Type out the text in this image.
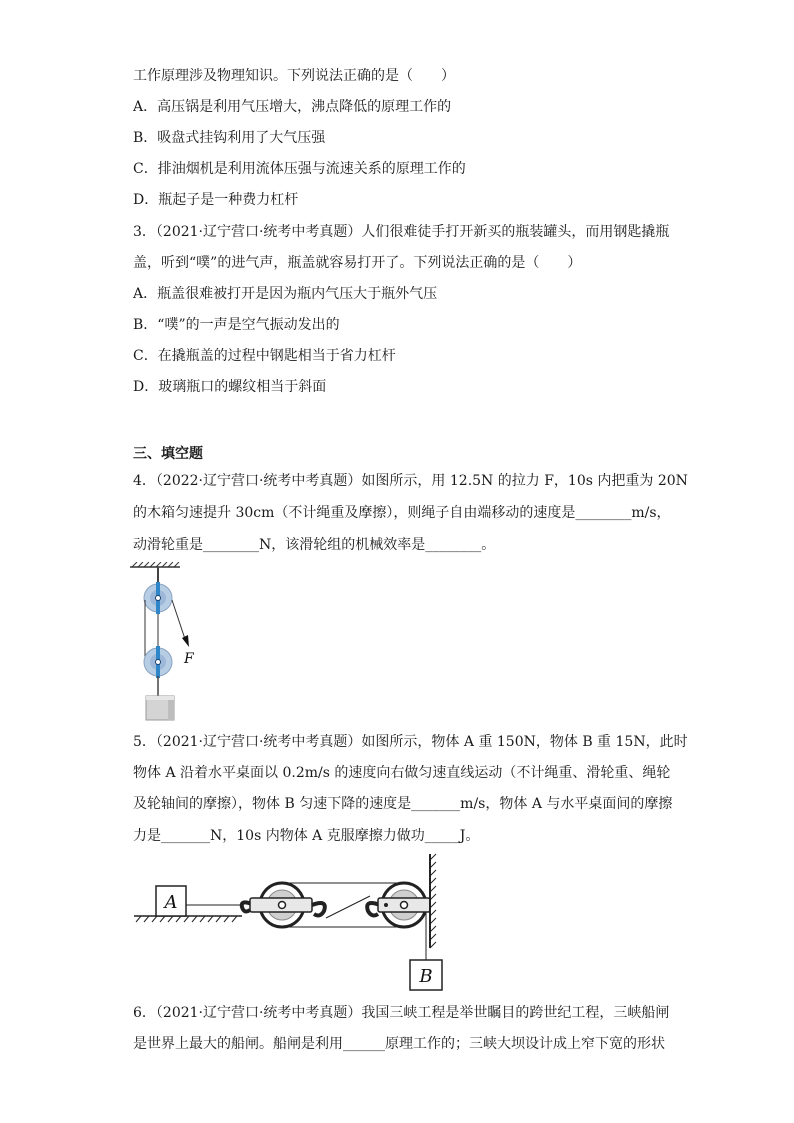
工作原理涉及物理知识。下列说法正确的是（　　）
A．高压锅是利用气压增大，沸点降低的原理工作的
B．吸盘式挂钩利用了大气压强
C．排油烟机是利用流体压强与流速关系的原理工作的
D．瓶起子是一种费力杠杆
3．（2021·辽宁营口·统考中考真题）人们很难徒手打开新买的瓶装罐头，而用钢匙撬瓶
盖，听到“噗”的进气声，瓶盖就容易打开了。下列说法正确的是（　　）
A．瓶盖很难被打开是因为瓶内气压大于瓶外气压
B．“噗”的一声是空气振动发出的
C．在撬瓶盖的过程中钢匙相当于省力杠杆
D．玻璃瓶口的螺纹相当于斜面
三、填空题
4．（2022·辽宁营口·统考中考真题）如图所示，用 12.5N 的拉力 F，10s 内把重为 20N
的木箱匀速提升 30cm（不计绳重及摩擦），则绳子自由端移动的速度是________m/s，
动滑轮重是________N，该滑轮组的机械效率是________。
F
5．（2021·辽宁营口·统考中考真题）如图所示，物体 A 重 150N，物体 B 重 15N，此时
物体 A 沿着水平桌面以 0.2m/s 的速度向右做匀速直线运动（不计绳重、滑轮重、绳轮
及轮轴间的摩擦），物体 B 匀速下降的速度是_______m/s，物体 A 与水平桌面间的摩擦
力是_______N，10s 内物体 A 克服摩擦力做功_____J。
A
B
6．（2021·辽宁营口·统考中考真题）我国三峡工程是举世瞩目的跨世纪工程，三峡船闸
是世界上最大的船闸。船闸是利用______原理工作的；三峡大坝设计成上窄下宽的形状
